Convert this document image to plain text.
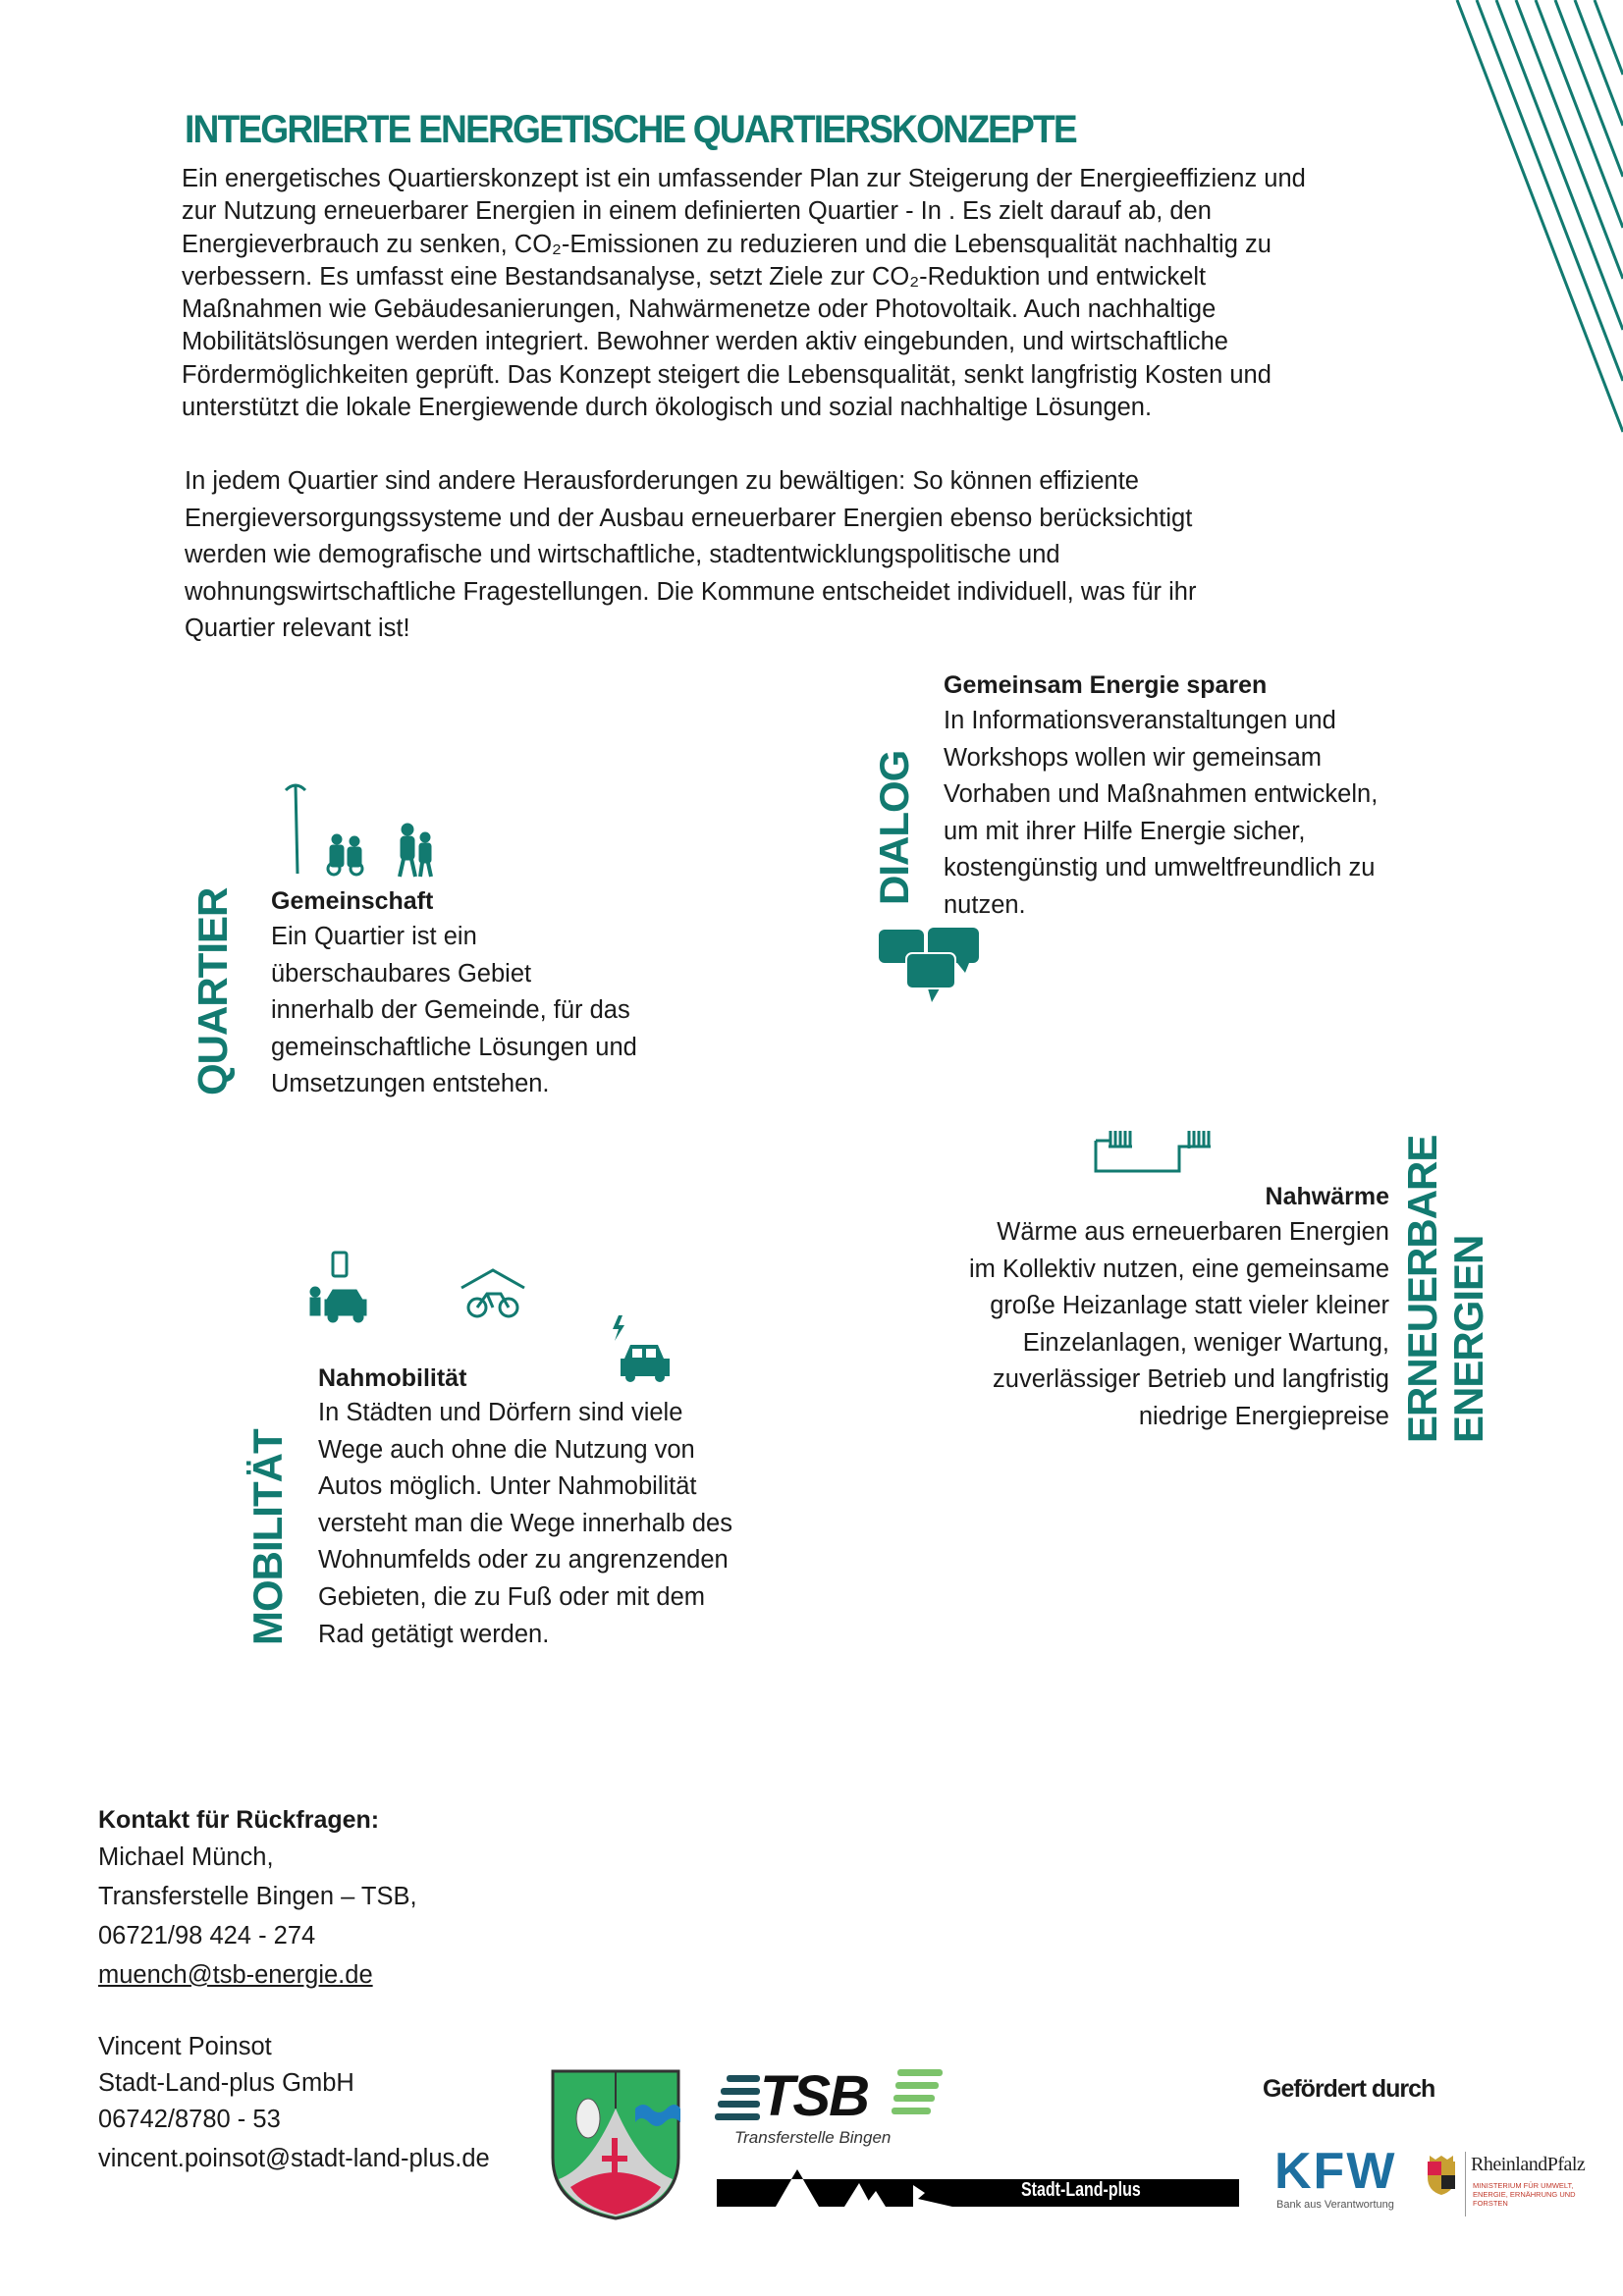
INTEGRIERTE ENERGETISCHE QUARTIERSKONZEPTE
Ein energetisches Quartierskonzept ist ein umfassender Plan zur Steigerung der Energieeffizienz und
zur Nutzung erneuerbarer Energien in einem definierten Quartier - In . Es zielt darauf ab, den
Energieverbrauch zu senken, CO₂-Emissionen zu reduzieren und die Lebensqualität nachhaltig zu
verbessern. Es umfasst eine Bestandsanalyse, setzt Ziele zur CO₂-Reduktion und entwickelt
Maßnahmen wie Gebäudesanierungen, Nahwärmenetze oder Photovoltaik. Auch nachhaltige
Mobilitätslösungen werden integriert. Bewohner werden aktiv eingebunden, und wirtschaftliche
Fördermöglichkeiten geprüft. Das Konzept steigert die Lebensqualität, senkt langfristig Kosten und
unterstützt die lokale Energiewende durch ökologisch und sozial nachhaltige Lösungen.
In jedem Quartier sind andere Herausforderungen zu bewältigen: So können effiziente
Energieversorgungssysteme und der Ausbau erneuerbarer Energien ebenso berücksichtigt
werden wie demografische und wirtschaftliche, stadtentwicklungspolitische und
wohnungswirtschaftliche Fragestellungen. Die Kommune entscheidet individuell, was für ihr
Quartier relevant ist!
DIALOG
Gemeinsam Energie sparen
In Informationsveranstaltungen und
Workshops wollen wir gemeinsam
Vorhaben und Maßnahmen entwickeln,
um mit ihrer Hilfe Energie sicher,
kostengünstig und umweltfreundlich zu
nutzen.
QUARTIER Gemeinschaft
Ein Quartier ist ein
überschaubares Gebiet
innerhalb der Gemeinde, für das
gemeinschaftliche Lösungen und
Umsetzungen entstehen.
Nahwärme
Wärme aus erneuerbaren Energien
im Kollektiv nutzen, eine gemeinsame
große Heizanlage statt vieler kleiner
Einzelanlagen, weniger Wartung,
zuverlässiger Betrieb und langfristig
niedrige Energiepreise ERNEUERBARE ENERGIEN
Nahmobilität
In Städten und Dörfern sind viele
Wege auch ohne die Nutzung von
Autos möglich. Unter Nahmobilität
versteht man die Wege innerhalb des
Wohnumfelds oder zu angrenzenden
Gebieten, die zu Fuß oder mit dem
Rad getätigt werden.
MOBILITÄT
Kontakt für Rückfragen:
Michael Münch,
Transferstelle Bingen – TSB,
06721/98 424 - 274
muench@tsb-energie.de
Vincent Poinsot
Stadt-Land-plus GmbH
06742/8780 - 53
vincent.poinsot@stadt-land-plus.de
TSB
Transferstelle Bingen
Stadt-Land-plus
Gefördert durch
KFW
Bank aus Verantwortung
RheinlandPfalz
MINISTERIUM FÜR UMWELT, ENERGIE, ERNÄHRUNG UND FORSTEN
